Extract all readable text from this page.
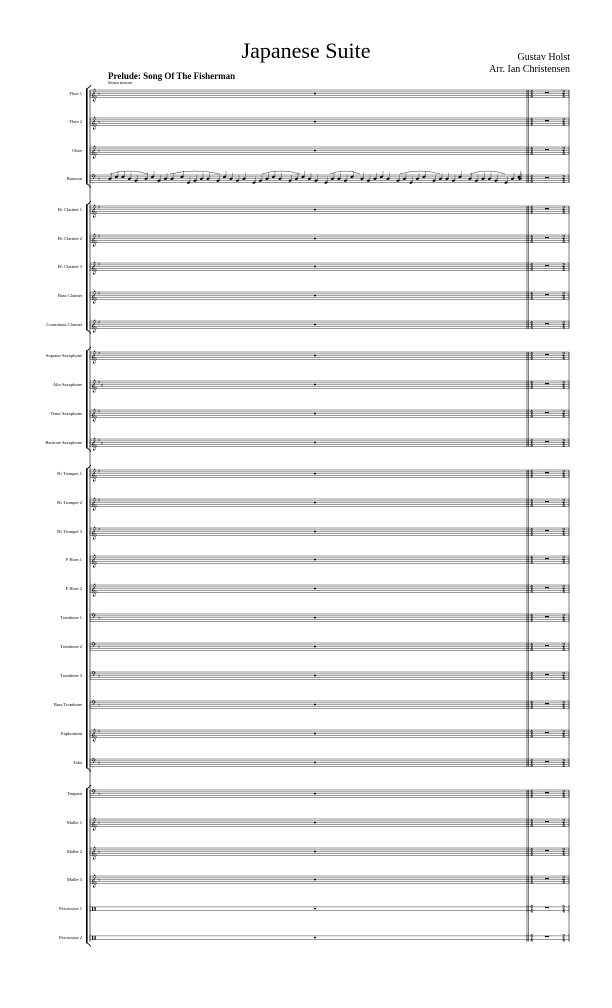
Japanese Suite	Gustav Holst
Arr. Ian Christensen
Prelude: Song Of The Fisherman
Senza misura
Flute 1
Flute 2
Oboe
Bassoon
B♭ Clarinet 1
B♭ Clarinet 2
B♭ Clarinet 3
Bass Clarinet
Contrabass Clarinet
Soprano Saxophone
Alto Saxophone
Tenor Saxophone
Baritone Saxophone
B♭ Trumpet 1
B♭ Trumpet 2
B♭ Trumpet 3
F Horn 1
F Horn 2
Trombone 1
Trombone 2
Trombone 3
Bass Trombone
Euphonium
Tuba
Timpani
Mallet 1
Mallet 2
Mallet 3
Percussion 1
Percussion 2
𝄞 ♭	4
4
2
4
𝄞 ♭	4
4
2
4
𝄞 ♭	4
4
2
4
𝄢 ♭	4
4
2
4
𝄞 ♯	4
4
2
4
𝄞 ♯	4
4
2
4
𝄞 ♯	4
4
2
4
𝄞 ♯	4
4
2
4
𝄞 ♯	4
4
2
4
𝄞 ♯	4
4
2
4
𝄞 ♯ ♯	4
4
2
4
𝄞 ♯	4
4
2
4
𝄞 ♯ ♯	4
4
2
4
𝄞 ♯	4
4
2
4
𝄞 ♯	4
4
2
4
𝄞 ♯	4
4
2
4
𝄞	4
4
2
4
𝄞	4
4
2
4
𝄢 ♭	4
4
2
4
𝄢 ♭	4
4
2
4
𝄢 ♭	4
4
2
4
𝄢 ♭	4
4
2
4
𝄞 ♯	4
4
2
4
𝄢 ♭	4
4
2
4
𝄢 ♭	4
4
2
4
𝄞 ♭	4
4
2
4
𝄞 ♭	4
4
2
4
𝄞 ♭	4
4
2
4
4
4
2
4
4
4
2
4
